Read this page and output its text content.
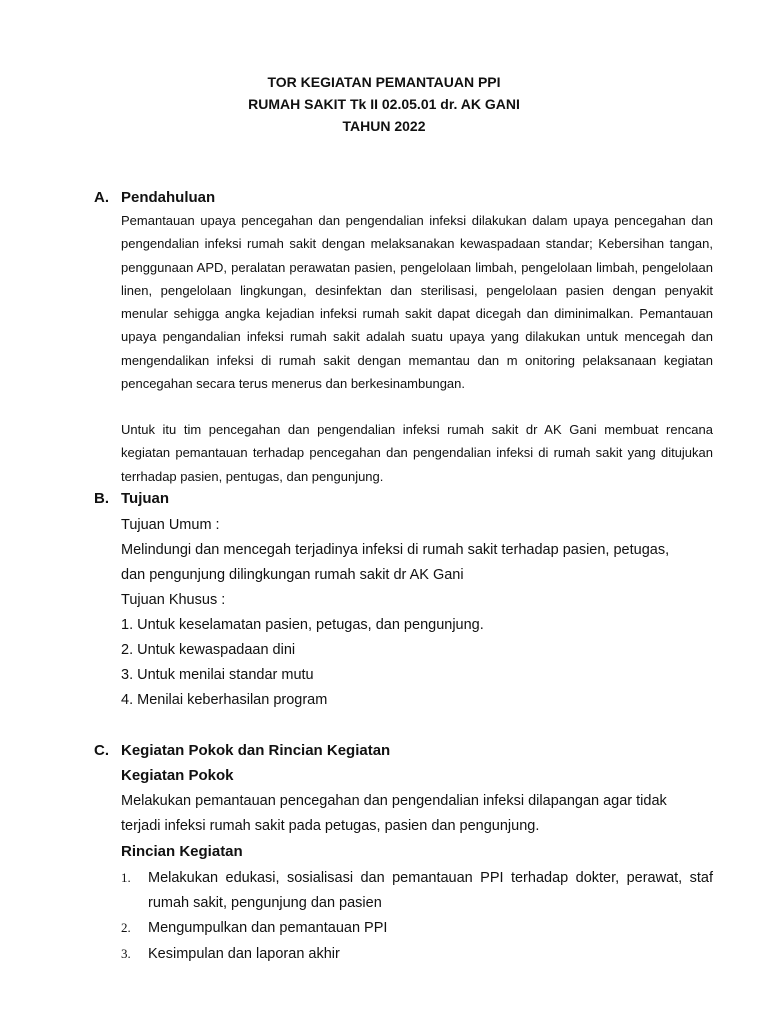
TOR KEGIATAN PEMANTAUAN PPI
RUMAH SAKIT Tk II 02.05.01 dr. AK GANI
TAHUN 2022
A. Pendahuluan

Pemantauan upaya pencegahan dan pengendalian infeksi dilakukan dalam upaya pencegahan dan pengendalian infeksi rumah sakit dengan melaksanakan kewaspadaan standar; Kebersihan tangan, penggunaan APD, peralatan perawatan pasien, pengelolaan limbah, pengelolaan limbah, pengelolaan linen, pengelolaan lingkungan, desinfektan dan sterilisasi, pengelolaan pasien dengan penyakit menular sehigga angka kejadian infeksi rumah sakit dapat dicegah dan diminimalkan. Pemantauan upaya pengandalian infeksi rumah sakit adalah suatu upaya yang dilakukan untuk mencegah dan mengendalikan infeksi di rumah sakit dengan memantau dan m onitoring pelaksanaan kegiatan pencegahan secara terus menerus dan berkesinambungan.

Untuk itu tim pencegahan dan pengendalian infeksi rumah sakit dr AK Gani membuat rencana kegiatan pemantauan terhadap pencegahan dan pengendalian infeksi di rumah sakit yang ditujukan terrhadap pasien, pentugas, dan pengunjung.

B. Tujuan
Tujuan Umum :
Melindungi dan mencegah terjadinya infeksi di rumah sakit terhadap pasien, petugas,
dan pengunjung dilingkungan rumah sakit dr AK Gani
Tujuan Khusus :
1. Untuk keselamatan pasien, petugas, dan pengunjung.
2. Untuk kewaspadaan dini
3. Untuk menilai standar mutu
4. Menilai keberhasilan program
C. Kegiatan Pokok dan Rincian Kegiatan
Kegiatan Pokok
Melakukan pemantauan pencegahan dan pengendalian infeksi dilapangan agar tidak
terjadi infeksi rumah sakit pada petugas, pasien dan pengunjung.
Rincian Kegiatan
1. Melakukan edukasi, sosialisasi dan pemantauan PPI terhadap dokter, perawat, staf rumah sakit, pengunjung dan pasien

2. Mengumpulkan dan pemantauan PPI

3. Kesimpulan dan laporan akhir
